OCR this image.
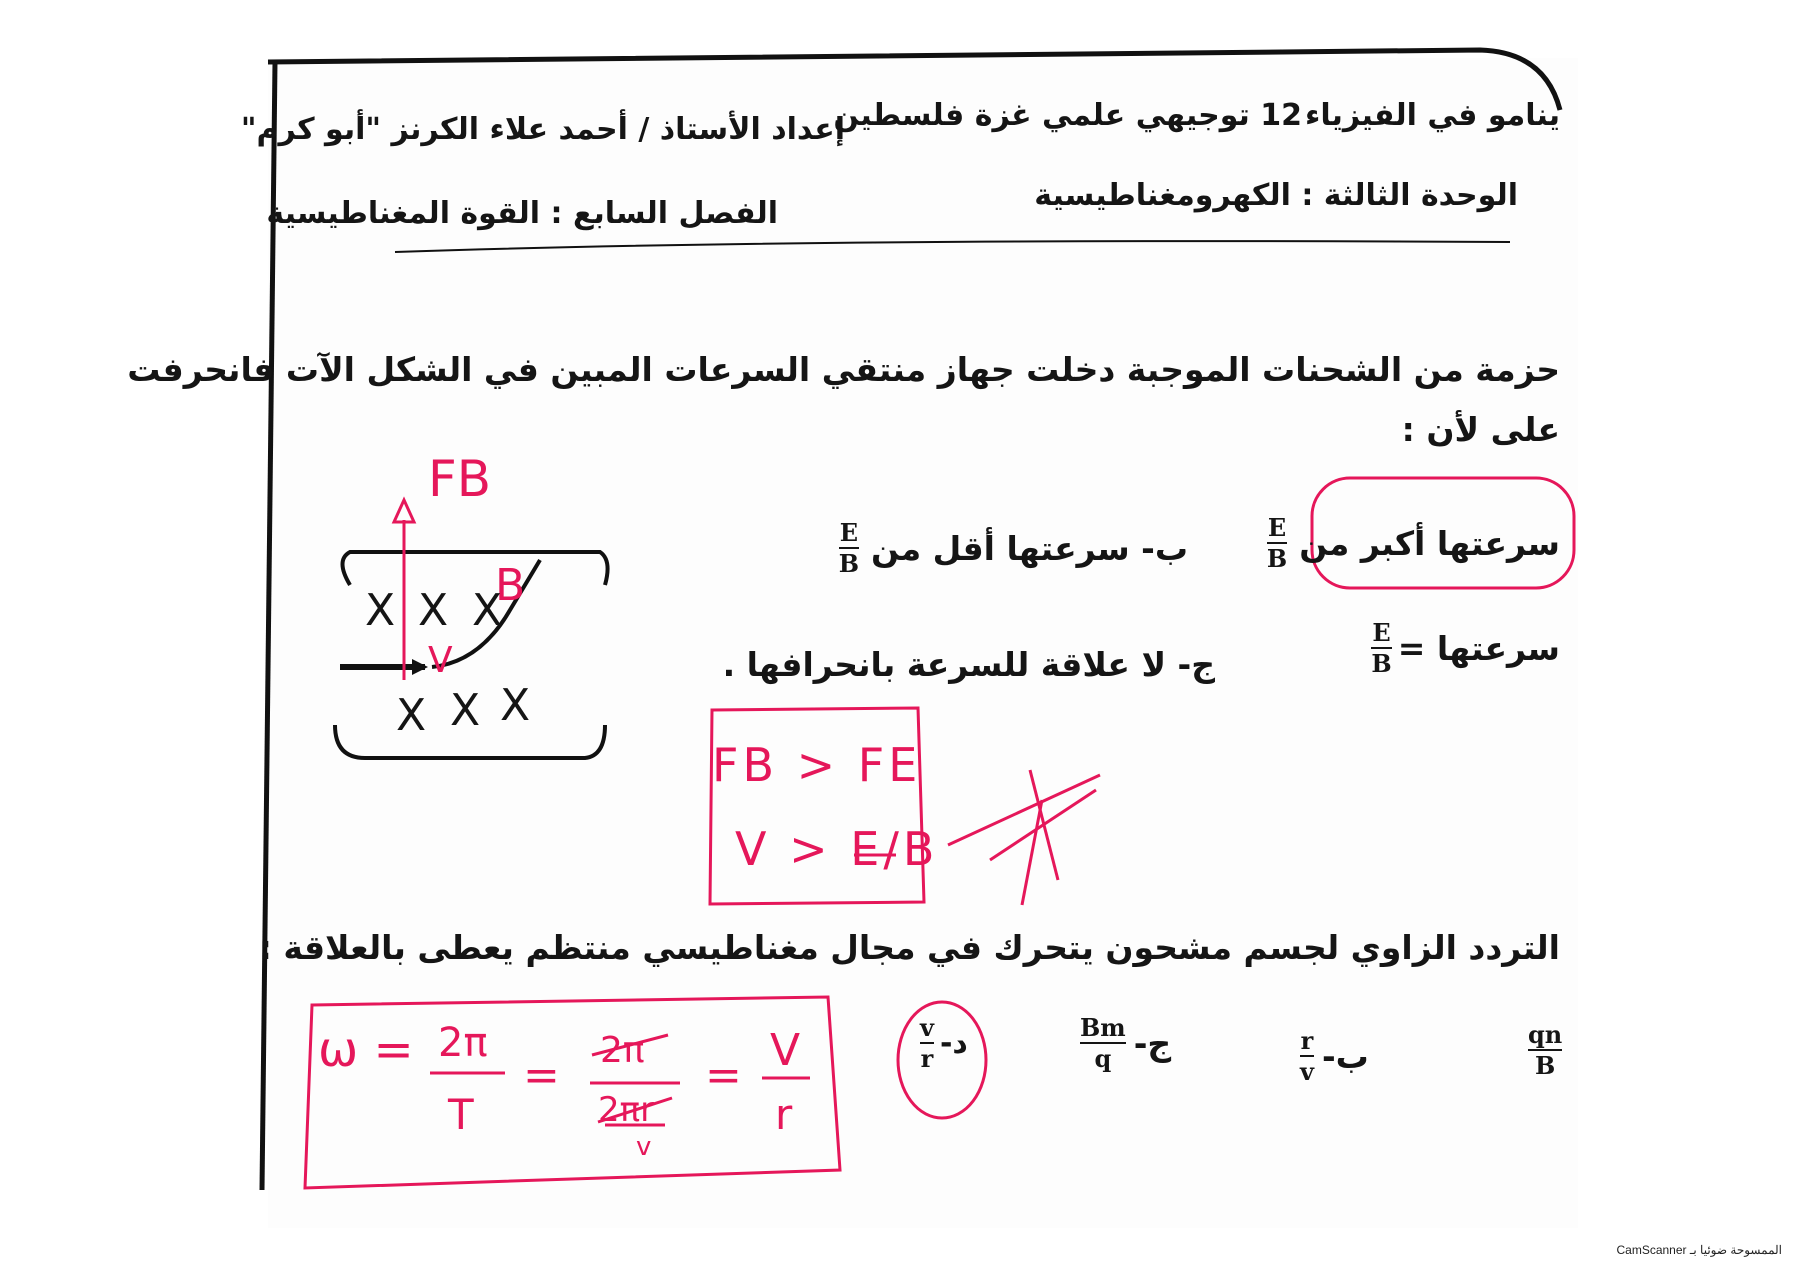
ينامو في الفيزياء
12 توجيهي علمي غزة فلسطين
إعداد الأستاذ / أحمد علاء الكرنز "أبو كرم"
الوحدة الثالثة : الكهرومغناطيسية
الفصل السابع : القوة المغناطيسية
حزمة من الشحنات الموجبة دخلت جهاز منتقي السرعات المبين في الشكل الآت فانحرفت
على لأن :
سرعتها أكبر من
$\frac{E}{B}$
ب- سرعتها أقل من
$\frac{E}{B}$
سرعتها =
$\frac{E}{B}$
ج- لا علاقة للسرعة بانحرافها .
FB
B
V
X X X
X X X
FB > FE
V > E/B
التردد الزاوي لجسم مشحون يتحرك في مجال مغناطيسي منتظم يعطى بالعلاقة :
$\frac{qn}{B}$
ب-
$\frac{r}{v}$
ج-
$\frac{Bm}{q}$
د-
$\frac{v}{r}$
ω = 2π
T
= 2π
2πr
v
= V
r
الممسوحة ضوئيا بـ CamScanner
